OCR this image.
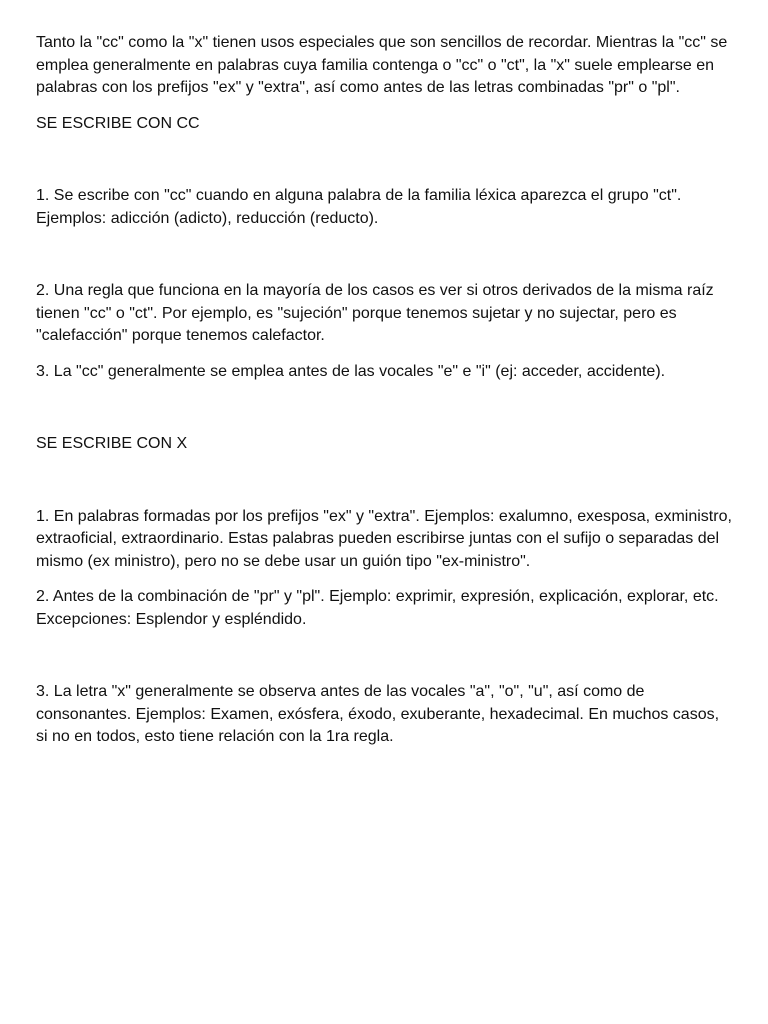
Tanto la "cc" como la "x" tienen usos especiales que son sencillos de recordar. Mientras la "cc" se emplea generalmente en palabras cuya familia contenga o "cc" o "ct", la "x" suele emplearse en palabras con los prefijos "ex" y "extra", así como antes de las letras combinadas "pr" o "pl".

SE ESCRIBE CON CC

1. Se escribe con "cc" cuando en alguna palabra de la familia léxica aparezca el grupo "ct". Ejemplos: adicción (adicto), reducción (reducto).

2. Una regla que funciona en la mayoría de los casos es ver si otros derivados de la misma raíz tienen "cc" o "ct". Por ejemplo, es "sujeción" porque tenemos sujetar y no sujectar, pero es "calefacción" porque tenemos calefactor.

3. La "cc" generalmente se emplea antes de las vocales "e" e "i" (ej: acceder, accidente).

SE ESCRIBE CON X

1. En palabras formadas por los prefijos "ex" y "extra". Ejemplos: exalumno, exesposa, exministro, extraoficial, extraordinario. Estas palabras pueden escribirse juntas con el sufijo o separadas del mismo (ex ministro), pero no se debe usar un guión tipo "ex-ministro".

2. Antes de la combinación de "pr" y "pl". Ejemplo: exprimir, expresión, explicación, explorar, etc. Excepciones: Esplendor y espléndido.

3. La letra "x" generalmente se observa antes de las vocales "a", "o", "u", así como de consonantes. Ejemplos: Examen, exósfera, éxodo, exuberante, hexadecimal. En muchos casos, si no en todos, esto tiene relación con la 1ra regla.
